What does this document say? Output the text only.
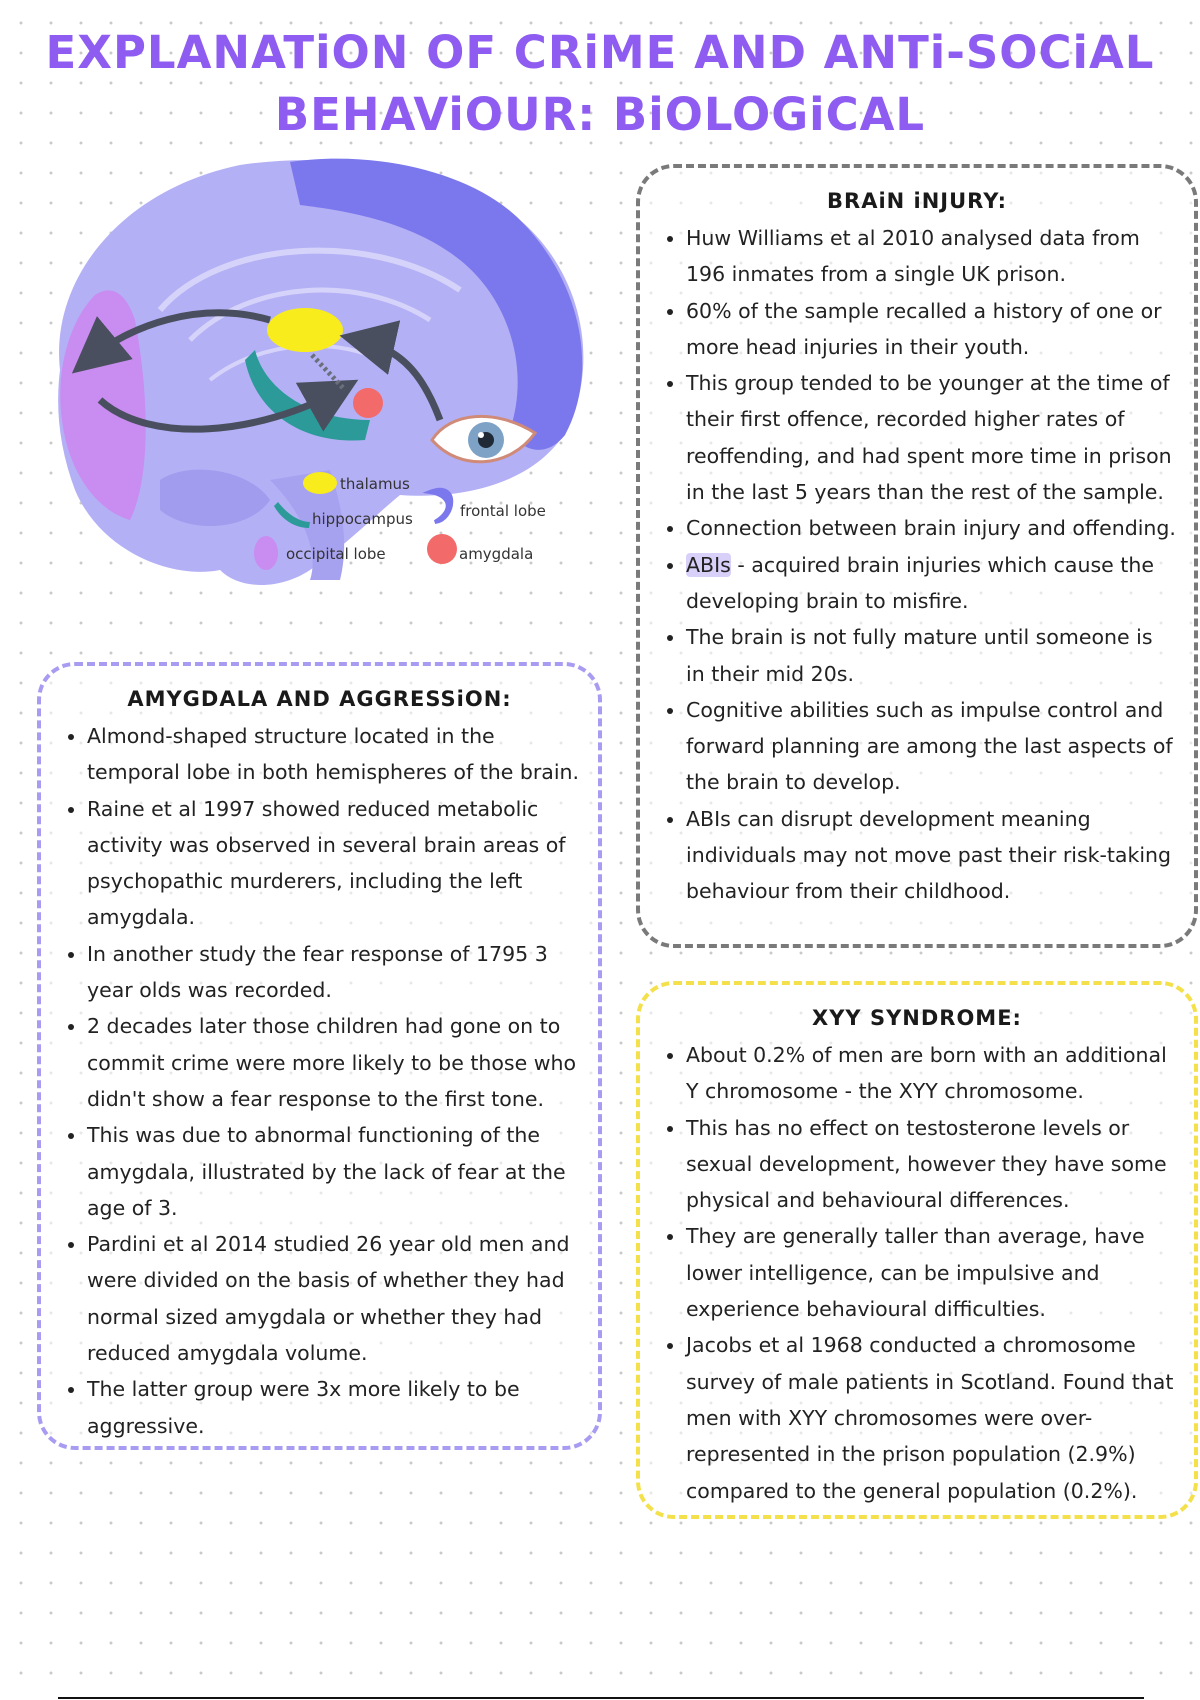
EXPLANATiON OF CRiME AND ANTi-SOCiAL
BEHAViOUR: BiOLOGiCAL
thalamus
hippocampus	frontal lobe
occipital lobe	amygdala
BRAiN iNJURY:
• Huw Williams et al 2010 analysed data from 196 inmates from a single UK prison.
• 60% of the sample recalled a history of one or more head injuries in their youth.
• This group tended to be younger at the time of their first offence, recorded higher rates of reoffending, and had spent more time in prison in the last 5 years than the rest of the sample.
• Connection between brain injury and offending.
• ABIs - acquired brain injuries which cause the developing brain to misfire.
• The brain is not fully mature until someone is in their mid 20s.
• Cognitive abilities such as impulse control and forward planning are among the last aspects of the brain to develop.
• ABIs can disrupt development meaning individuals may not move past their risk-taking behaviour from their childhood.
AMYGDALA AND AGGRESSiON:
• Almond-shaped structure located in the temporal lobe in both hemispheres of the brain.
• Raine et al 1997 showed reduced metabolic activity was observed in several brain areas of psychopathic murderers, including the left amygdala.
• In another study the fear response of 1795 3 year olds was recorded.
• 2 decades later those children had gone on to commit crime were more likely to be those who didn't show a fear response to the first tone.
• This was due to abnormal functioning of the amygdala, illustrated by the lack of fear at the age of 3.
• Pardini et al 2014 studied 26 year old men and were divided on the basis of whether they had normal sized amygdala or whether they had reduced amygdala volume.
• The latter group were 3x more likely to be aggressive.
XYY SYNDROME:
• About 0.2% of men are born with an additional Y chromosome - the XYY chromosome.
• This has no effect on testosterone levels or sexual development, however they have some physical and behavioural differences.
• They are generally taller than average, have lower intelligence, can be impulsive and experience behavioural difficulties.
• Jacobs et al 1968 conducted a chromosome survey of male patients in Scotland. Found that men with XYY chromosomes were over-represented in the prison population (2.9%) compared to the general population (0.2%).
